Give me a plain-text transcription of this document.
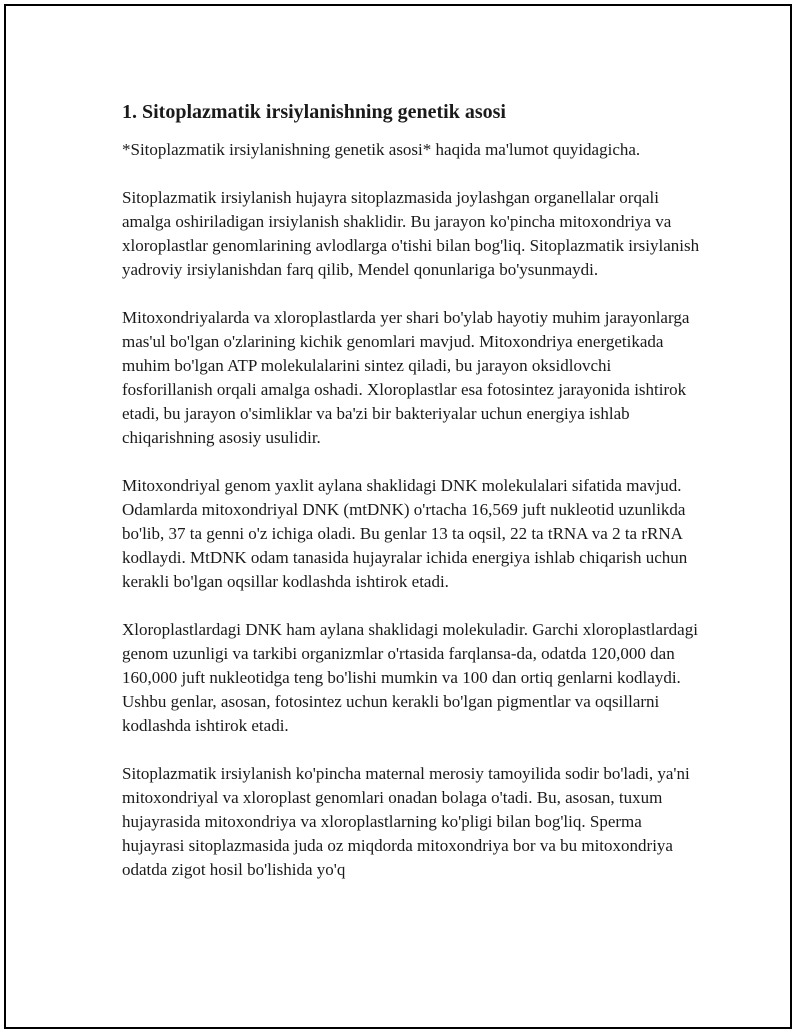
1. Sitoplazmatik irsiylanishning genetik asosi

*Sitoplazmatik irsiylanishning genetik asosi* haqida ma'lumot quyidagicha.

Sitoplazmatik irsiylanish hujayra sitoplazmasida joylashgan organellalar orqali amalga oshiriladigan irsiylanish shaklidir. Bu jarayon ko'pincha mitoxondriya va xloroplastlar genomlarining avlodlarga o'tishi bilan bog'liq. Sitoplazmatik irsiylanish yadroviy irsiylanishdan farq qilib, Mendel qonunlariga bo'ysunmaydi.

Mitoxondriyalarda va xloroplastlarda yer shari bo'ylab hayotiy muhim jarayonlarga mas'ul bo'lgan o'zlarining kichik genomlari mavjud. Mitoxondriya energetikada muhim bo'lgan ATP molekulalarini sintez qiladi, bu jarayon oksidlovchi fosforillanish orqali amalga oshadi. Xloroplastlar esa fotosintez jarayonida ishtirok etadi, bu jarayon o'simliklar va ba'zi bir bakteriyalar uchun energiya ishlab chiqarishning asosiy usulidir.

Mitoxondriyal genom yaxlit aylana shaklidagi DNK molekulalari sifatida mavjud. Odamlarda mitoxondriyal DNK (mtDNK) o'rtacha 16,569 juft nukleotid uzunlikda bo'lib, 37 ta genni o'z ichiga oladi. Bu genlar 13 ta oqsil, 22 ta tRNA va 2 ta rRNA kodlaydi. MtDNK odam tanasida hujayralar ichida energiya ishlab chiqarish uchun kerakli bo'lgan oqsillar kodlashda ishtirok etadi.

Xloroplastlardagi DNK ham aylana shaklidagi molekuladir. Garchi xloroplastlardagi genom uzunligi va tarkibi organizmlar o'rtasida farqlansa-da, odatda 120,000 dan 160,000 juft nukleotidga teng bo'lishi mumkin va 100 dan ortiq genlarni kodlaydi. Ushbu genlar, asosan, fotosintez uchun kerakli bo'lgan pigmentlar va oqsillarni kodlashda ishtirok etadi.

Sitoplazmatik irsiylanish ko'pincha maternal merosiy tamoyilida sodir bo'ladi, ya'ni mitoxondriyal va xloroplast genomlari onadan bolaga o'tadi. Bu, asosan, tuxum hujayrasida mitoxondriya va xloroplastlarning ko'pligi bilan bog'liq. Sperma hujayrasi sitoplazmasida juda oz miqdorda mitoxondriya bor va bu mitoxondriya odatda zigot hosil bo'lishida yo'q
